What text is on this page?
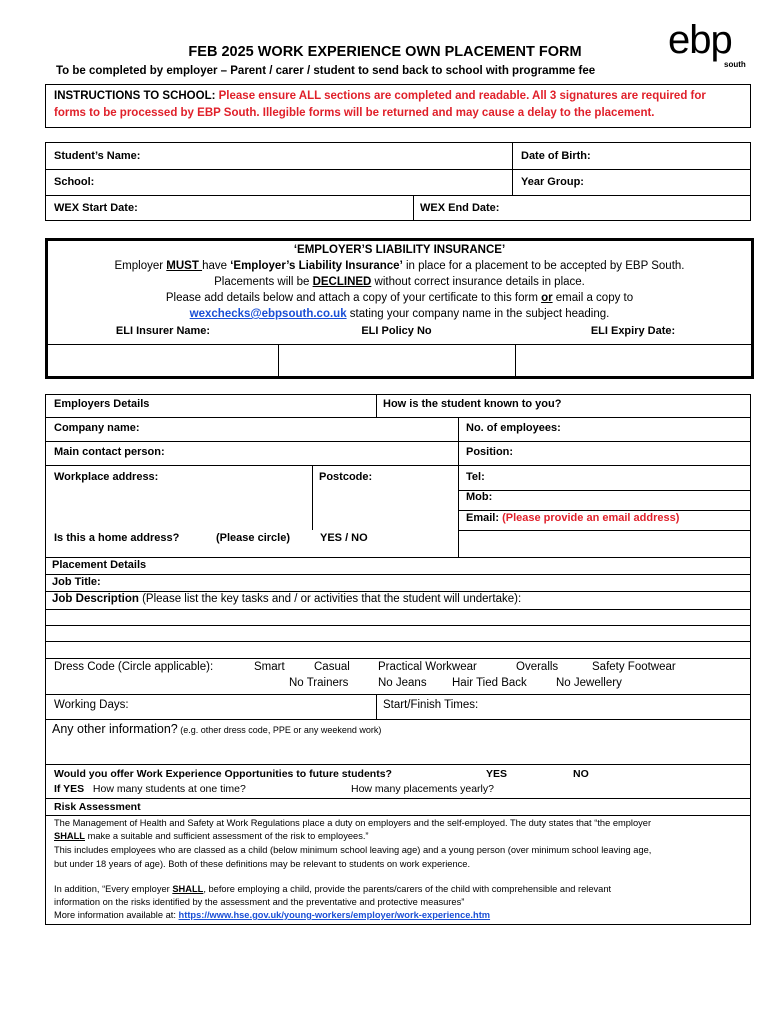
FEB 2025 WORK EXPERIENCE OWN PLACEMENT FORM
To be completed by employer – Parent / carer / student to send back to school with programme fee
ebp
south
INSTRUCTIONS TO SCHOOL: Please ensure ALL sections are completed and readable. All 3 signatures are required for
forms to be processed by EBP South. Illegible forms will be returned and may cause a delay to the placement.
Student’s Name:	Date of Birth:
School:	Year Group:
WEX Start Date:	WEX End Date:
‘EMPLOYER’S LIABILITY INSURANCE’
Employer MUST have ‘Employer’s Liability Insurance’ in place for a placement to be accepted by EBP South.
Placements will be DECLINED without correct insurance details in place.
Please add details below and attach a copy of your certificate to this form or email a copy to
wexchecks@ebpsouth.co.uk stating your company name in the subject heading.
ELI Insurer Name:	ELI Policy No	ELI Expiry Date:
Employers Details	How is the student known to you?
Company name:	No. of employees:
Main contact person:	Position:
Workplace address:	Postcode:	Tel:
Mob:
Email: (Please provide an email address)
Is this a home address?	(Please circle)	YES / NO
Placement Details
Job Title:
Job Description (Please list the key tasks and / or activities that the student will undertake):
Dress Code (Circle applicable):	Smart	Casual Practical Workwear	Overalls	Safety Footwear
No Trainers	No Jeans Hair Tied Back	No Jewellery
Working Days:	Start/Finish Times:
Any other information? (e.g. other dress code, PPE or any weekend work)
Would you offer Work Experience Opportunities to future students?	YES	NO
If YES How many students at one time?	How many placements yearly?
Risk Assessment
The Management of Health and Safety at Work Regulations place a duty on employers and the self-employed. The duty states that “the employer
SHALL make a suitable and sufficient assessment of the risk to employees.”
This includes employees who are classed as a child (below minimum school leaving age) and a young person (over minimum school leaving age,
but under 18 years of age). Both of these definitions may be relevant to students on work experience.
In addition, “Every employer SHALL, before employing a child, provide the parents/carers of the child with comprehensible and relevant
information on the risks identified by the assessment and the preventative and protective measures”
More information available at: https://www.hse.gov.uk/young-workers/employer/work-experience.htm
